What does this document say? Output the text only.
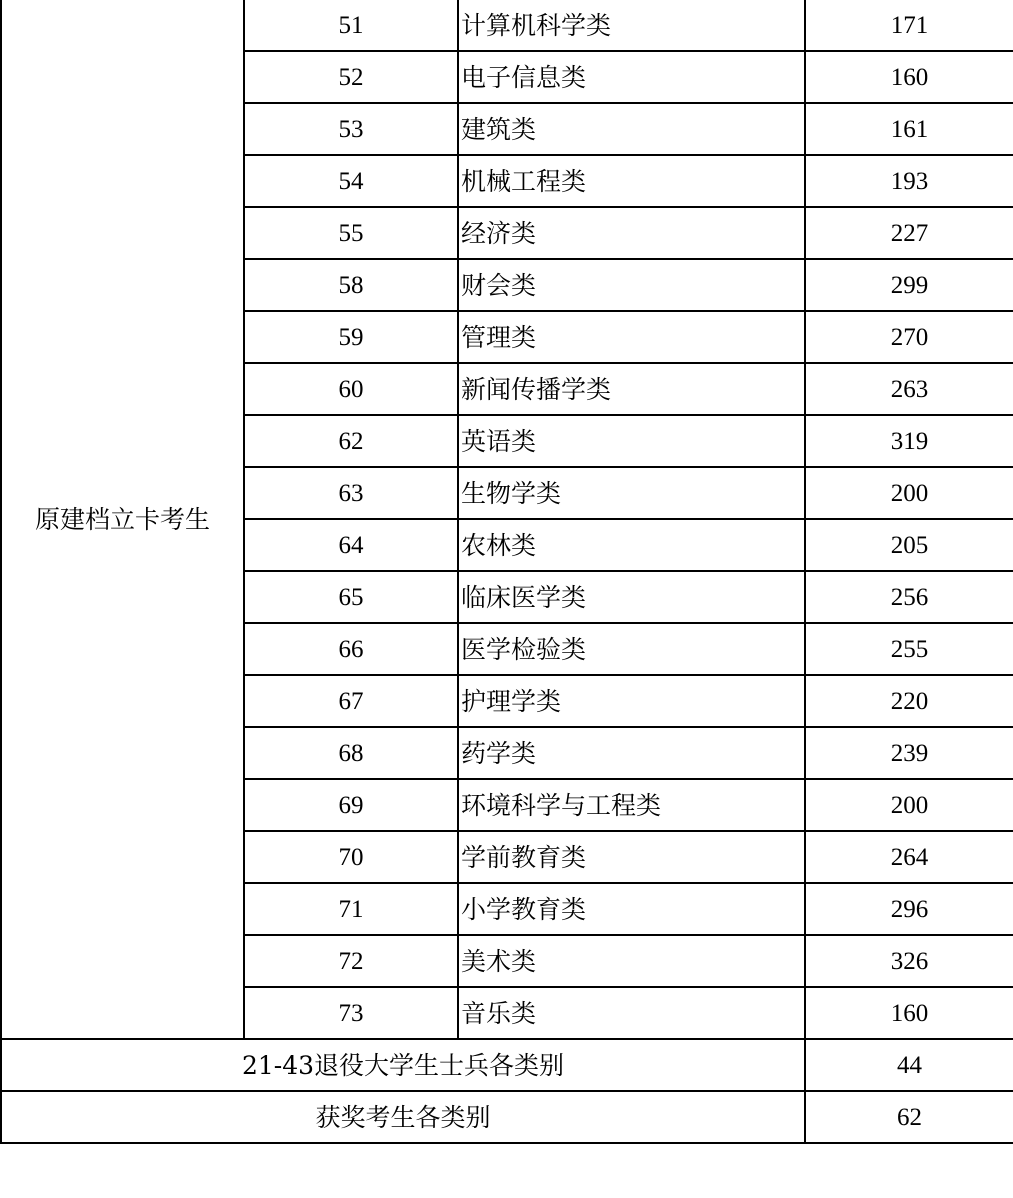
原建档立卡考生	51	计算机科学类	171
	52	电子信息类	160
	53	建筑类	161
	54	机械工程类	193
	55	经济类	227
	58	财会类	299
	59	管理类	270
	60	新闻传播学类	263
	62	英语类	319
	63	生物学类	200
	64	农林类	205
	65	临床医学类	256
	66	医学检验类	255
	67	护理学类	220
	68	药学类	239
	69	环境科学与工程类	200
	70	学前教育类	264
	71	小学教育类	296
	72	美术类	326
	73	音乐类	160
21-43退役大学生士兵各类别			44
获奖考生各类别			62
